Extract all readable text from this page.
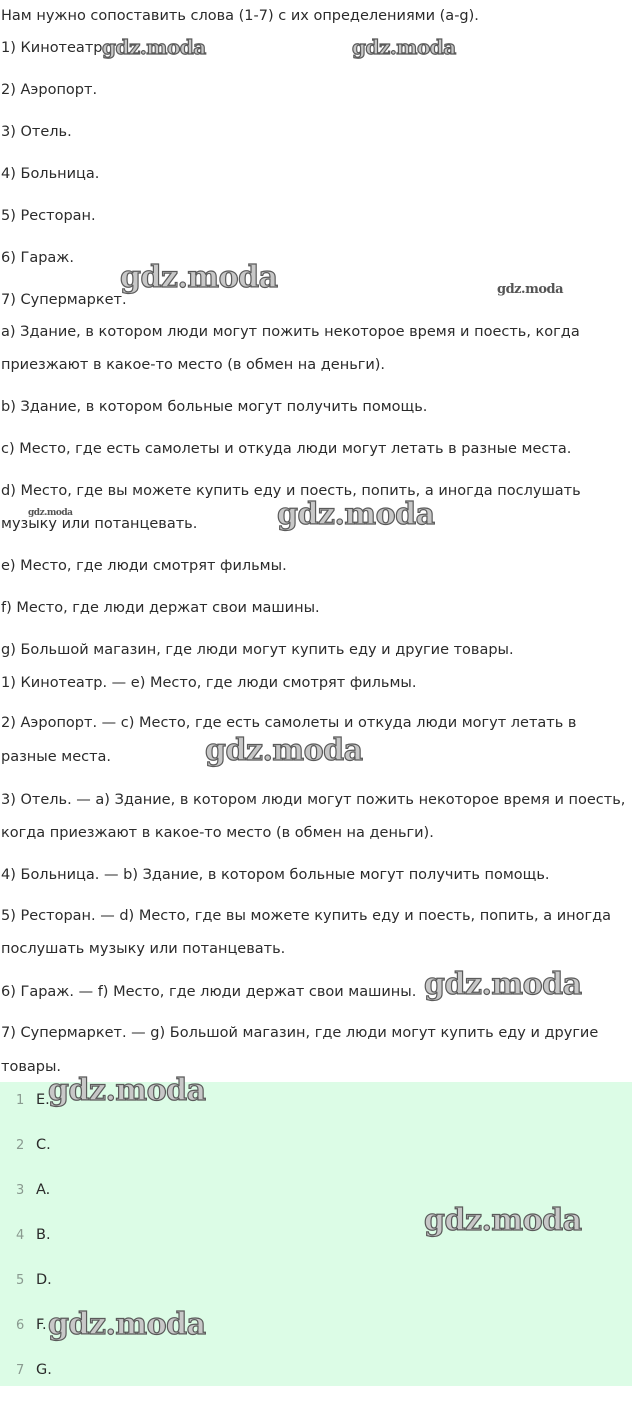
Нам нужно сопоставить слова (1-7) с их определениями (a-g).
1) Кинотеатр.
2) Аэропорт.
3) Отель.
4) Больница.
5) Ресторан.
6) Гараж.
7) Супермаркет.
a) Здание, в котором люди могут пожить некоторое время и поесть, когда
приезжают в какое-то место (в обмен на деньги).
b) Здание, в котором больные могут получить помощь.
c) Место, где есть самолеты и откуда люди могут летать в разные места.
d) Место, где вы можете купить еду и поесть, попить, а иногда послушать
музыку или потанцевать.
e) Место, где люди смотрят фильмы.
f) Место, где люди держат свои машины.
g) Большой магазин, где люди могут купить еду и другие товары.
1) Кинотеатр. — e) Место, где люди смотрят фильмы.
2) Аэропорт. — c) Место, где есть самолеты и откуда люди могут летать в
разные места.
3) Отель. — a) Здание, в котором люди могут пожить некоторое время и поесть,
когда приезжают в какое-то место (в обмен на деньги).
4) Больница. — b) Здание, в котором больные могут получить помощь.
5) Ресторан. — d) Место, где вы можете купить еду и поесть, попить, а иногда
послушать музыку или потанцевать.
6) Гараж. — f) Место, где люди держат свои машины.
7) Супермаркет. — g) Большой магазин, где люди могут купить еду и другие
товары.
1 E.
2 C.
3 A.
4 B.
5 D.
6 F.
7 G.
gdz.moda	gdz.moda
gdz.moda	gdz.moda
gdz.moda	gdz.moda
gdz.moda
gdz.moda
gdz.moda
gdz.moda
gdz.moda
